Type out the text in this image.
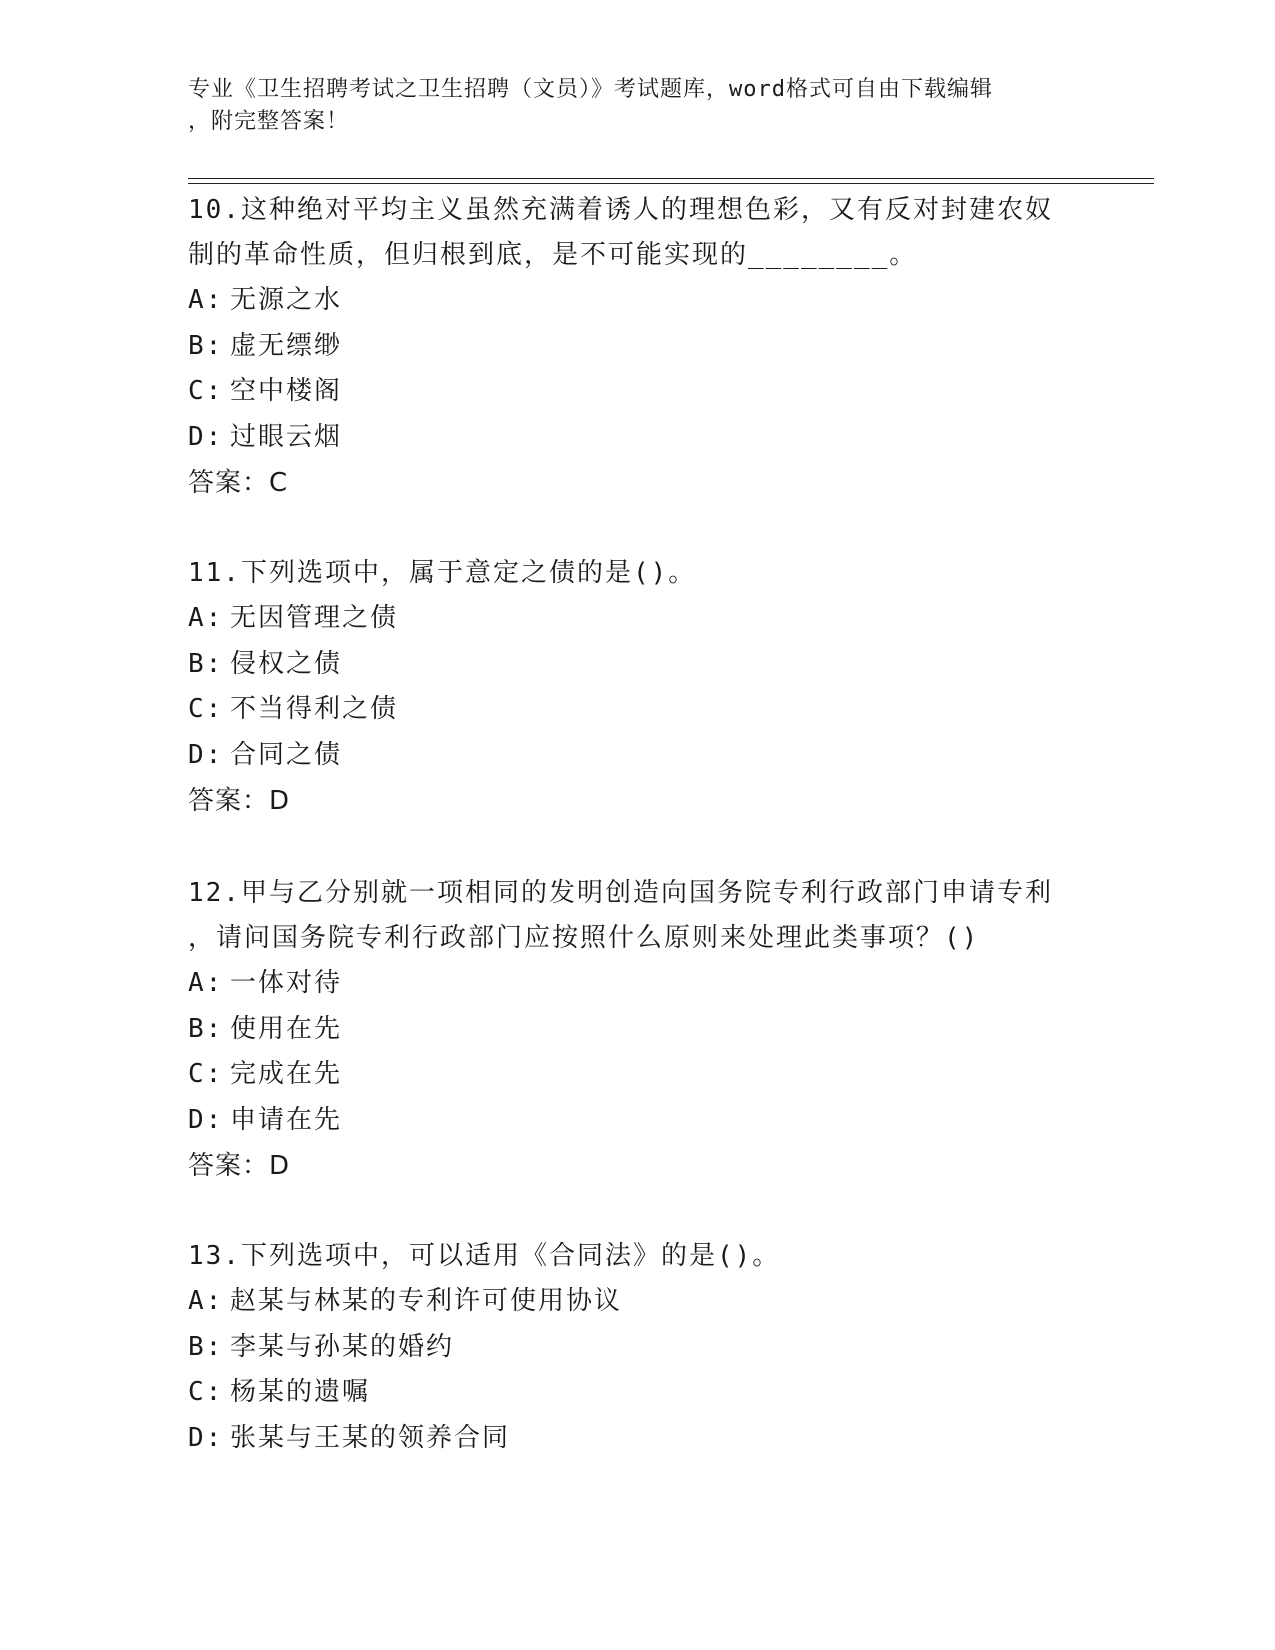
专业《卫生招聘考试之卫生招聘（文员）》考试题库，word格式可自由下载编辑
，附完整答案！

10.这种绝对平均主义虽然充满着诱人的理想色彩，又有反对封建农奴

制的革命性质，但归根到底，是不可能实现的________。

A: 无源之水

B: 虚无缥缈

C: 空中楼阁

D: 过眼云烟

答案：C

11.下列选项中，属于意定之债的是()。

A: 无因管理之债

B: 侵权之债

C: 不当得利之债

D: 合同之债

答案：D

12.甲与乙分别就一项相同的发明创造向国务院专利行政部门申请专利

，请问国务院专利行政部门应按照什么原则来处理此类事项？()

A: 一体对待

B: 使用在先

C: 完成在先

D: 申请在先

答案：D

13.下列选项中，可以适用《合同法》的是()。

A: 赵某与林某的专利许可使用协议

B: 李某与孙某的婚约

C: 杨某的遗嘱

D: 张某与王某的领养合同
